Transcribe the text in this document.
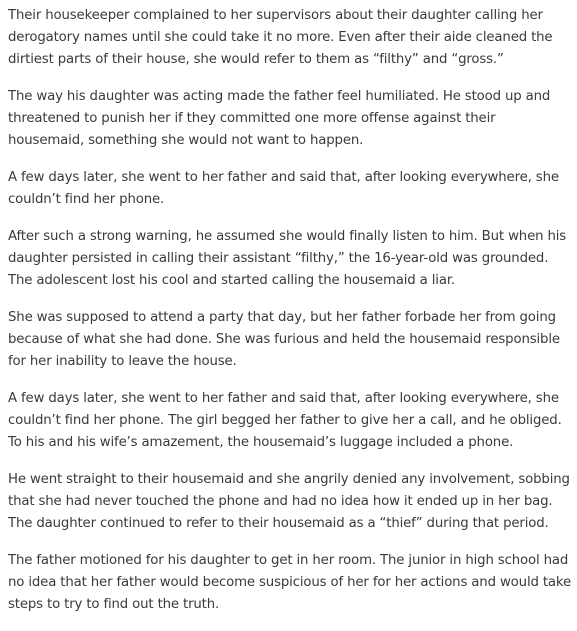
Their housekeeper complained to her supervisors about their daughter calling her derogatory names until she could take it no more. Even after their aide cleaned the dirtiest parts of their house, she would refer to them as “filthy” and “gross.”

The way his daughter was acting made the father feel humiliated. He stood up and threatened to punish her if they committed one more offense against their housemaid, something she would not want to happen.

A few days later, she went to her father and said that, after looking everywhere, she couldn’t find her phone.

After such a strong warning, he assumed she would finally listen to him. But when his daughter persisted in calling their assistant “filthy,” the 16-year-old was grounded. The adolescent lost his cool and started calling the housemaid a liar.

She was supposed to attend a party that day, but her father forbade her from going because of what she had done. She was furious and held the housemaid responsible for her inability to leave the house.

A few days later, she went to her father and said that, after looking everywhere, she couldn’t find her phone. The girl begged her father to give her a call, and he obliged. To his and his wife’s amazement, the housemaid’s luggage included a phone.

He went straight to their housemaid and she angrily denied any involvement, sobbing that she had never touched the phone and had no idea how it ended up in her bag. The daughter continued to refer to their housemaid as a “thief” during that period.

The father motioned for his daughter to get in her room. The junior in high school had no idea that her father would become suspicious of her for her actions and would take steps to try to find out the truth.
